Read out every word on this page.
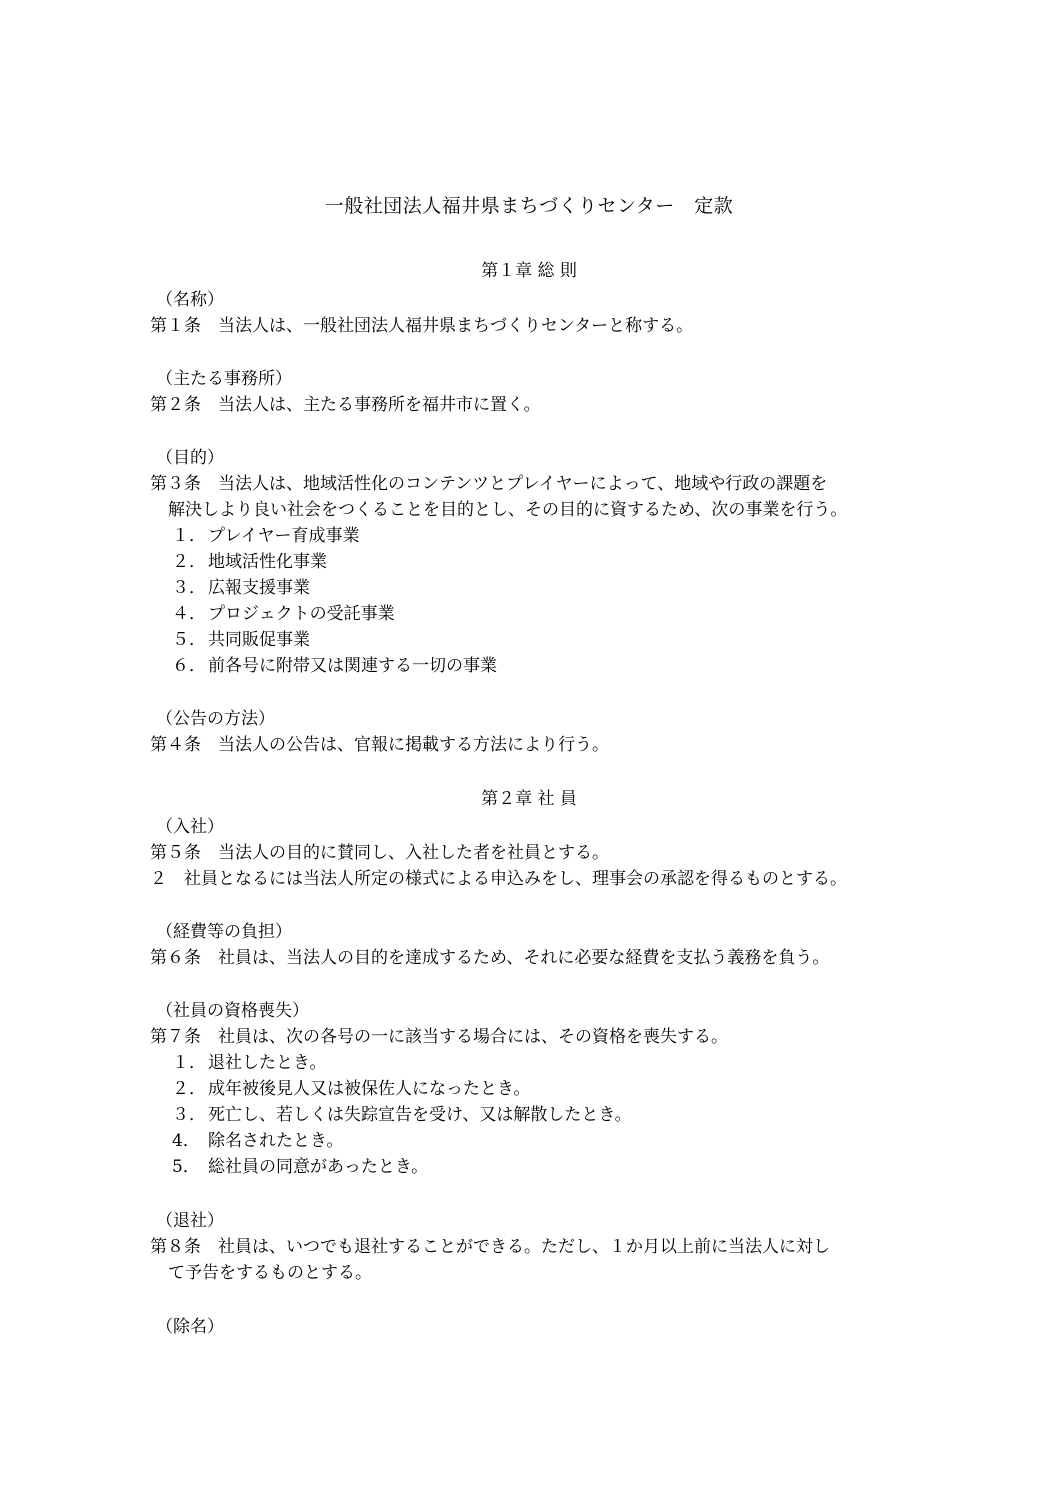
一般社団法人福井県まちづくりセンター　定款
第１章 総 則
（名称）
第１条　当法人は、一般社団法人福井県まちづくりセンターと称する。
（主たる事務所）
第２条　当法人は、主たる事務所を福井市に置く。
（目的）
第３条　当法人は、地域活性化のコンテンツとプレイヤーによって、地域や行政の課題を
解決しより良い社会をつくることを目的とし、その目的に資するため、次の事業を行う。
１． プレイヤー育成事業
２． 地域活性化事業
３． 広報支援事業
４． プロジェクトの受託事業
５． 共同販促事業
６． 前各号に附帯又は関連する一切の事業
（公告の方法）
第４条　当法人の公告は、官報に掲載する方法により行う。
第２章 社 員
（入社）
第５条　当法人の目的に賛同し、入社した者を社員とする。
２　社員となるには当法人所定の様式による申込みをし、理事会の承認を得るものとする。
（経費等の負担）
第６条　社員は、当法人の目的を達成するため、それに必要な経費を支払う義務を負う。
（社員の資格喪失）
第７条　社員は、次の各号の一に該当する場合には、その資格を喪失する。
１． 退社したとき。
２． 成年被後見人又は被保佐人になったとき。
３． 死亡し、若しくは失踪宣告を受け、又は解散したとき。
4． 除名されたとき。
5． 総社員の同意があったとき。
（退社）
第８条　社員は、いつでも退社することができる。ただし、１か月以上前に当法人に対し
て予告をするものとする。
（除名）
